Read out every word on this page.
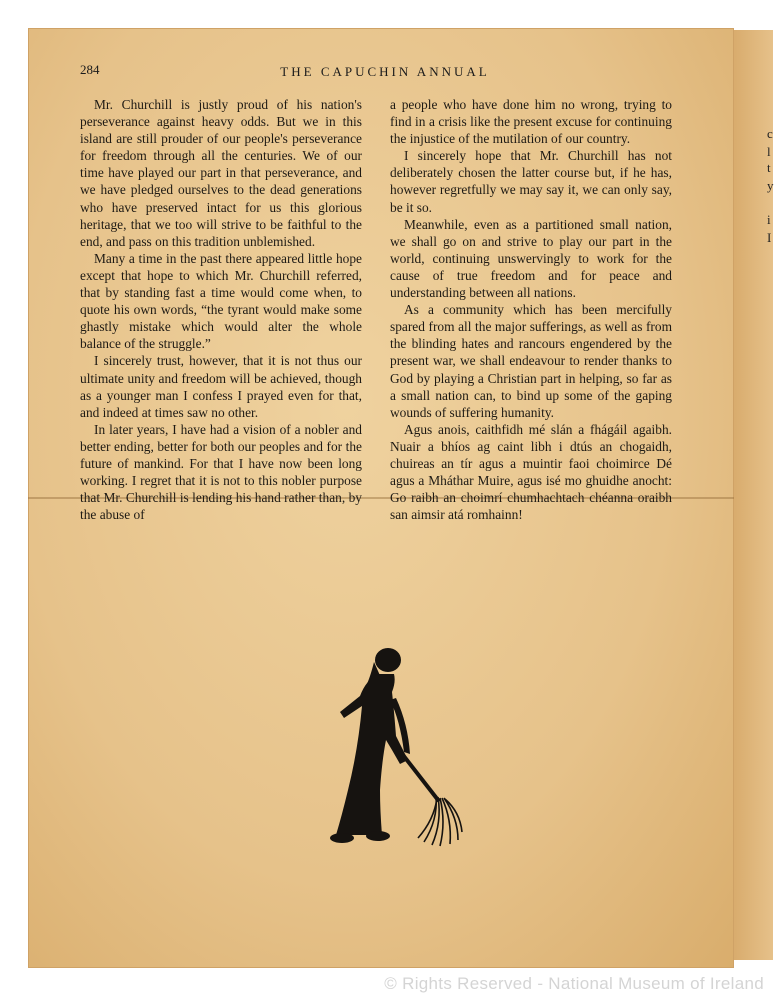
c
l
t
y
i
I
284	THE CAPUCHIN ANNUAL

Mr. Churchill is justly proud of his nation's perseverance against heavy odds. But we in this island are still prouder of our people's perseverance for freedom through all the centuries. We of our time have played our part in that perseverance, and we have pledged ourselves to the dead generations who have preserved intact for us this glorious heritage, that we too will strive to be faithful to the end, and pass on this tradition unblemished.

Many a time in the past there appeared little hope except that hope to which Mr. Churchill referred, that by standing fast a time would come when, to quote his own words, “the tyrant would make some ghastly mistake which would alter the whole balance of the struggle.”

I sincerely trust, however, that it is not thus our ultimate unity and freedom will be achieved, though as a younger man I confess I prayed even for that, and indeed at times saw no other.

In later years, I have had a vision of a nobler and better ending, better for both our peoples and for the future of mankind. For that I have now been long working. I regret that it is not to this nobler purpose that Mr. Churchill is lending his hand rather than, by the abuse of

a people who have done him no wrong, trying to find in a crisis like the present excuse for continuing the injustice of the mutilation of our country.

I sincerely hope that Mr. Churchill has not deliberately chosen the latter course but, if he has, however regretfully we may say it, we can only say, be it so.

Meanwhile, even as a partitioned small nation, we shall go on and strive to play our part in the world, continuing unswervingly to work for the cause of true freedom and for peace and understanding between all nations.

As a community which has been mercifully spared from all the major sufferings, as well as from the blinding hates and rancours engendered by the present war, we shall endeavour to render thanks to God by playing a Christian part in helping, so far as a small nation can, to bind up some of the gaping wounds of suffering humanity.

Agus anois, caithfidh mé slán a fhágáil agaibh. Nuair a bhíos ag caint libh i dtús an chogaidh, chuireas an tír agus a muintir faoi choimirce Dé agus a Mháthar Muire, agus isé mo ghuidhe anocht: Go raibh an choimrí chumhachtach chéanna oraibh san aimsir atá romhainn!

© Rights Reserved - National Museum of Ireland
